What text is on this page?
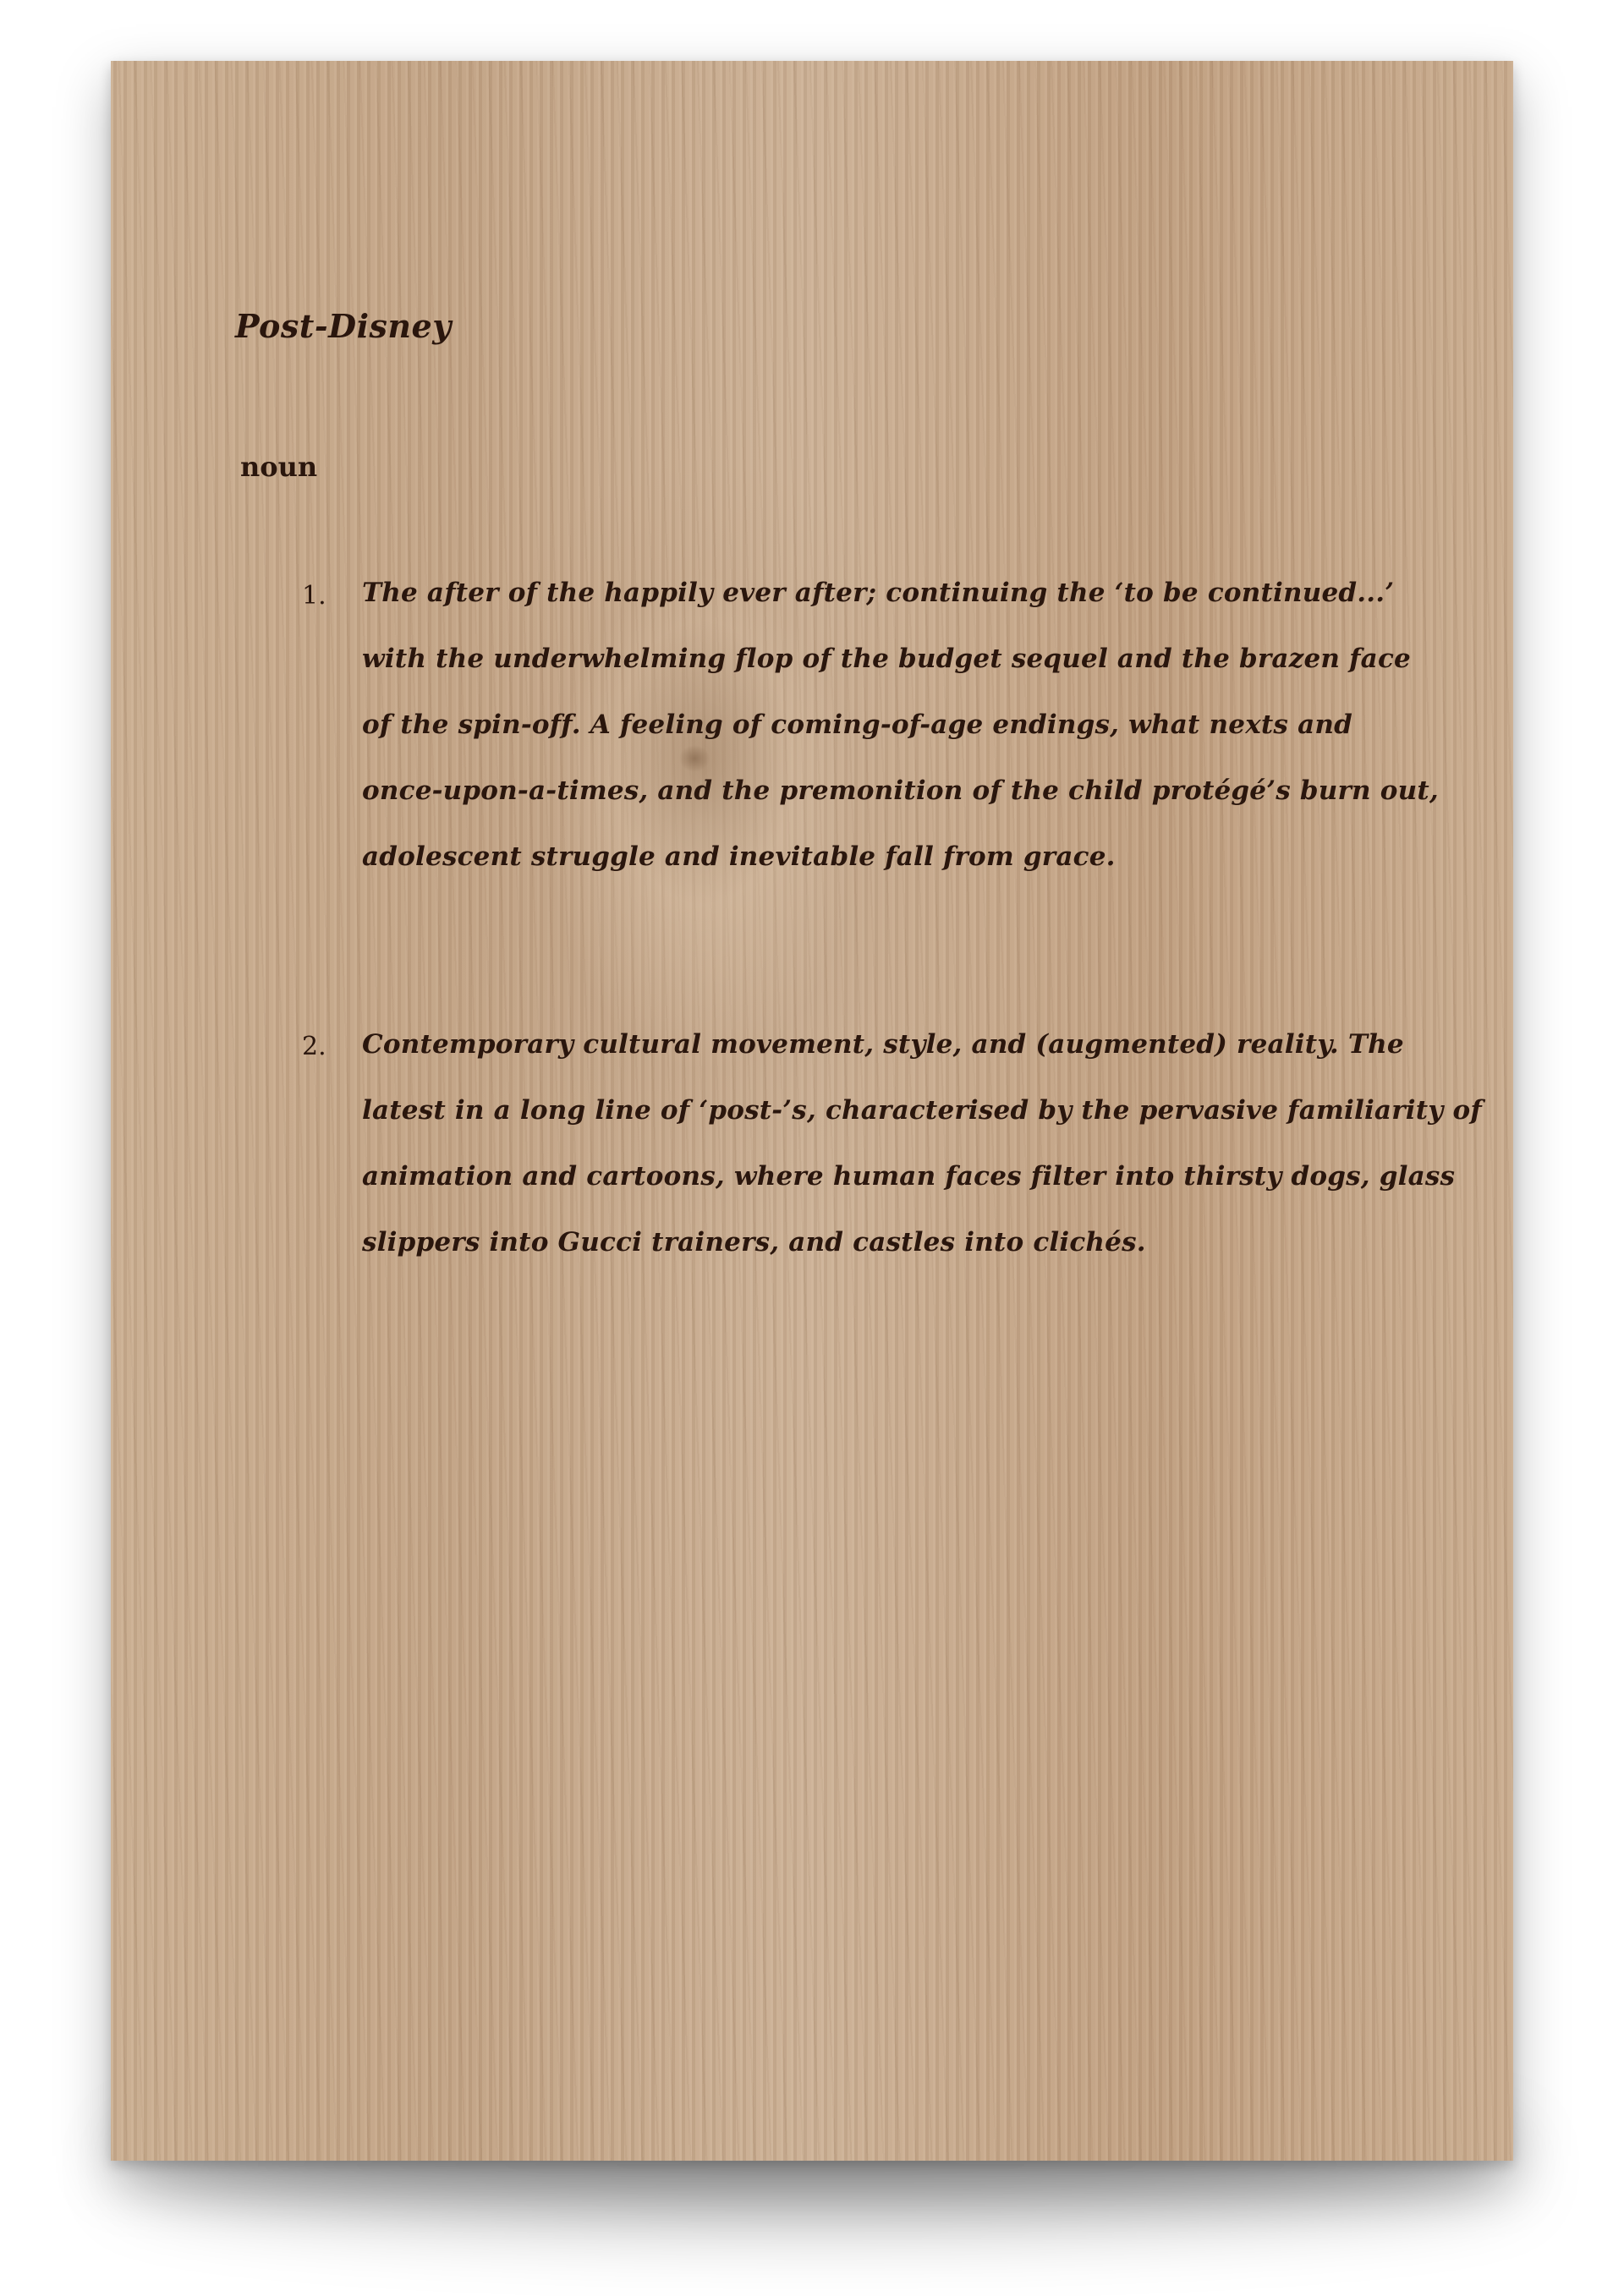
Post-Disney
noun
1. The after of the happily ever after; continuing the ‘to be continued...’
with the underwhelming flop of the budget sequel and the brazen face
of the spin-off. A feeling of coming-of-age endings, what nexts and
once-upon-a-times, and the premonition of the child protégé’s burn out,
adolescent struggle and inevitable fall from grace.
2. Contemporary cultural movement, style, and (augmented) reality. The
latest in a long line of ‘post-’s, characterised by the pervasive familiarity of
animation and cartoons, where human faces filter into thirsty dogs, glass
slippers into Gucci trainers, and castles into clichés.
